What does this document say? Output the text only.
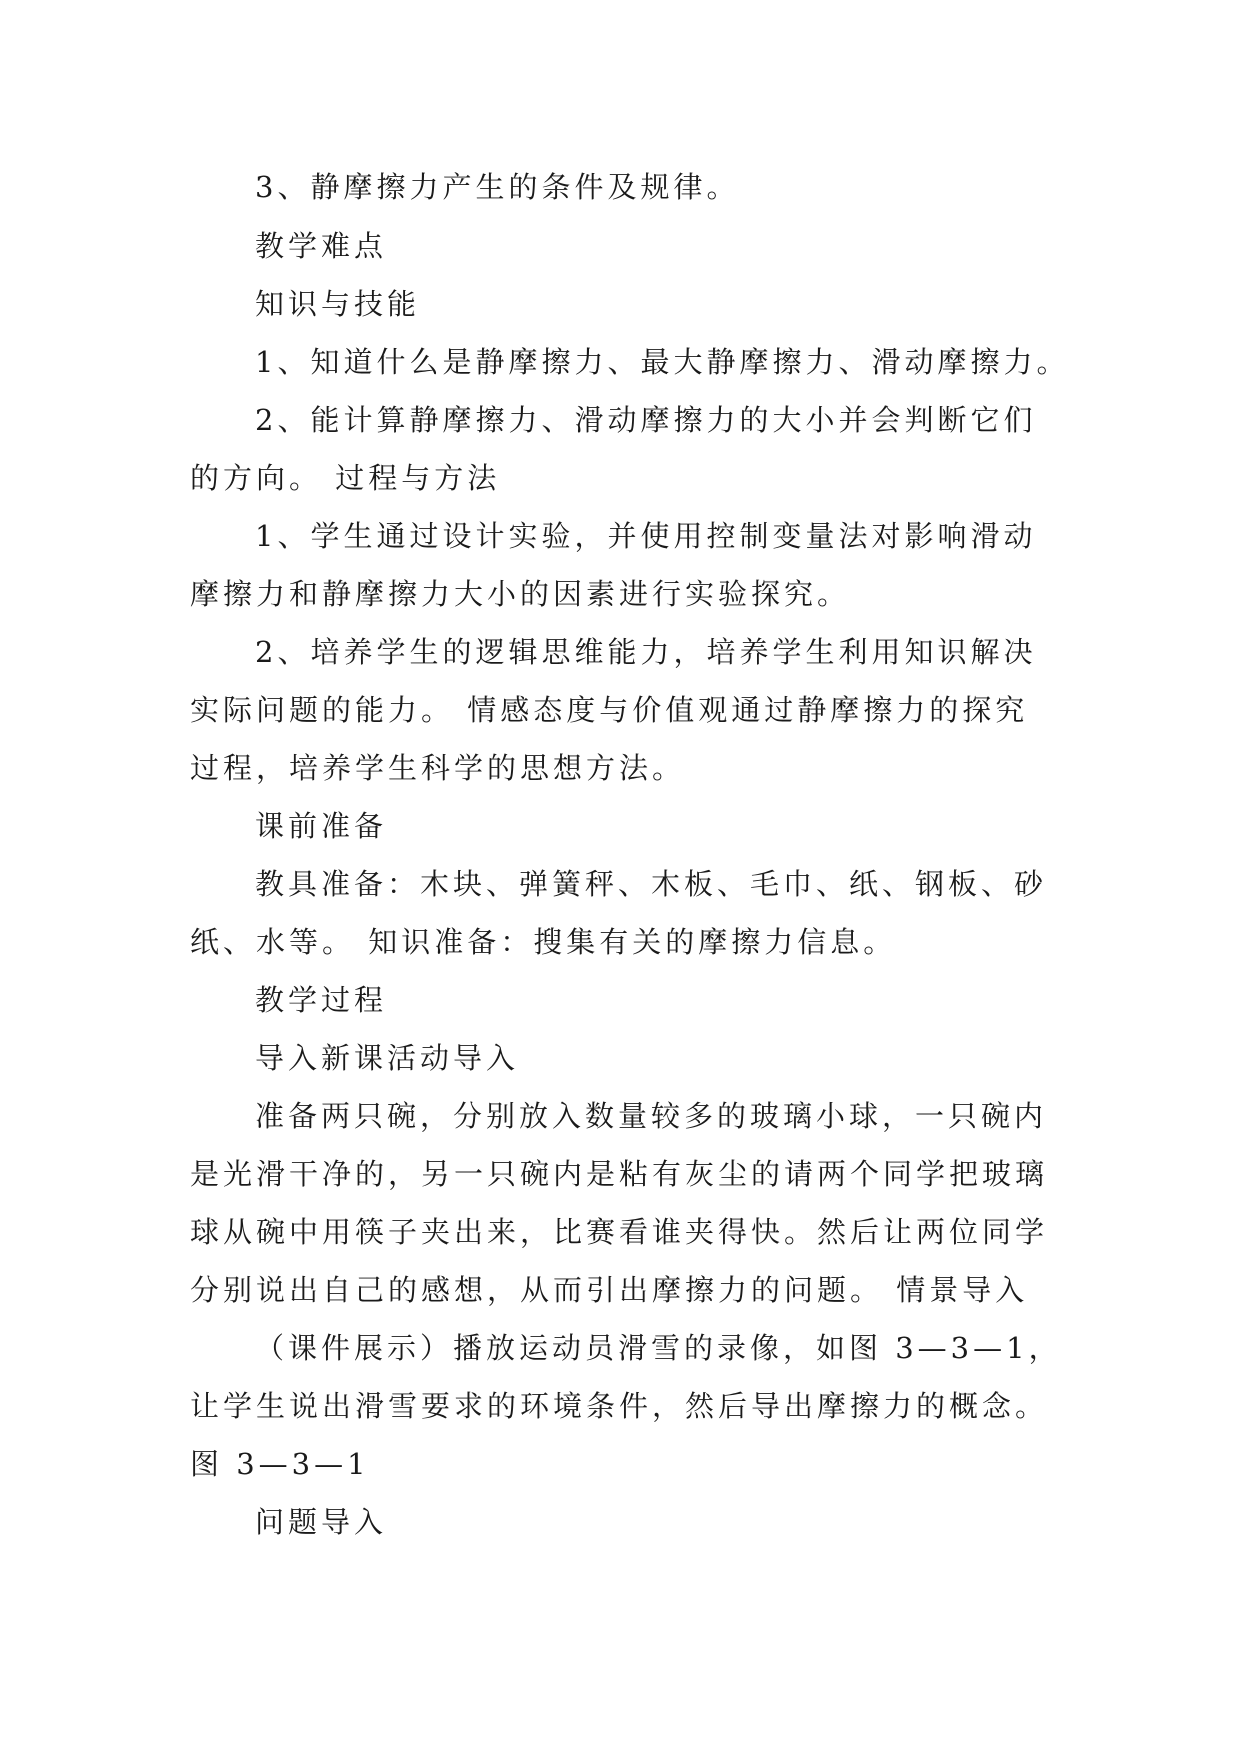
3、静摩擦力产生的条件及规律。
教学难点
知识与技能
1、知道什么是静摩擦力、最大静摩擦力、滑动摩擦力。
2、能计算静摩擦力、滑动摩擦力的大小并会判断它们
的方向。 过程与方法
1、学生通过设计实验，并使用控制变量法对影响滑动
摩擦力和静摩擦力大小的因素进行实验探究。
2、培养学生的逻辑思维能力，培养学生利用知识解决
实际问题的能力。 情感态度与价值观通过静摩擦力的探究
过程，培养学生科学的思想方法。
课前准备
教具准备：木块、弹簧秤、木板、毛巾、纸、钢板、砂
纸、水等。 知识准备：搜集有关的摩擦力信息。
教学过程
导入新课活动导入
准备两只碗，分别放入数量较多的玻璃小球，一只碗内
是光滑干净的，另一只碗内是粘有灰尘的请两个同学把玻璃
球从碗中用筷子夹出来，比赛看谁夹得快。然后让两位同学
分别说出自己的感想，从而引出摩擦力的问题。 情景导入
（课件展示）播放运动员滑雪的录像，如图 3—3—1，
让学生说出滑雪要求的环境条件，然后导出摩擦力的概念。
图 3—3—1
问题导入
